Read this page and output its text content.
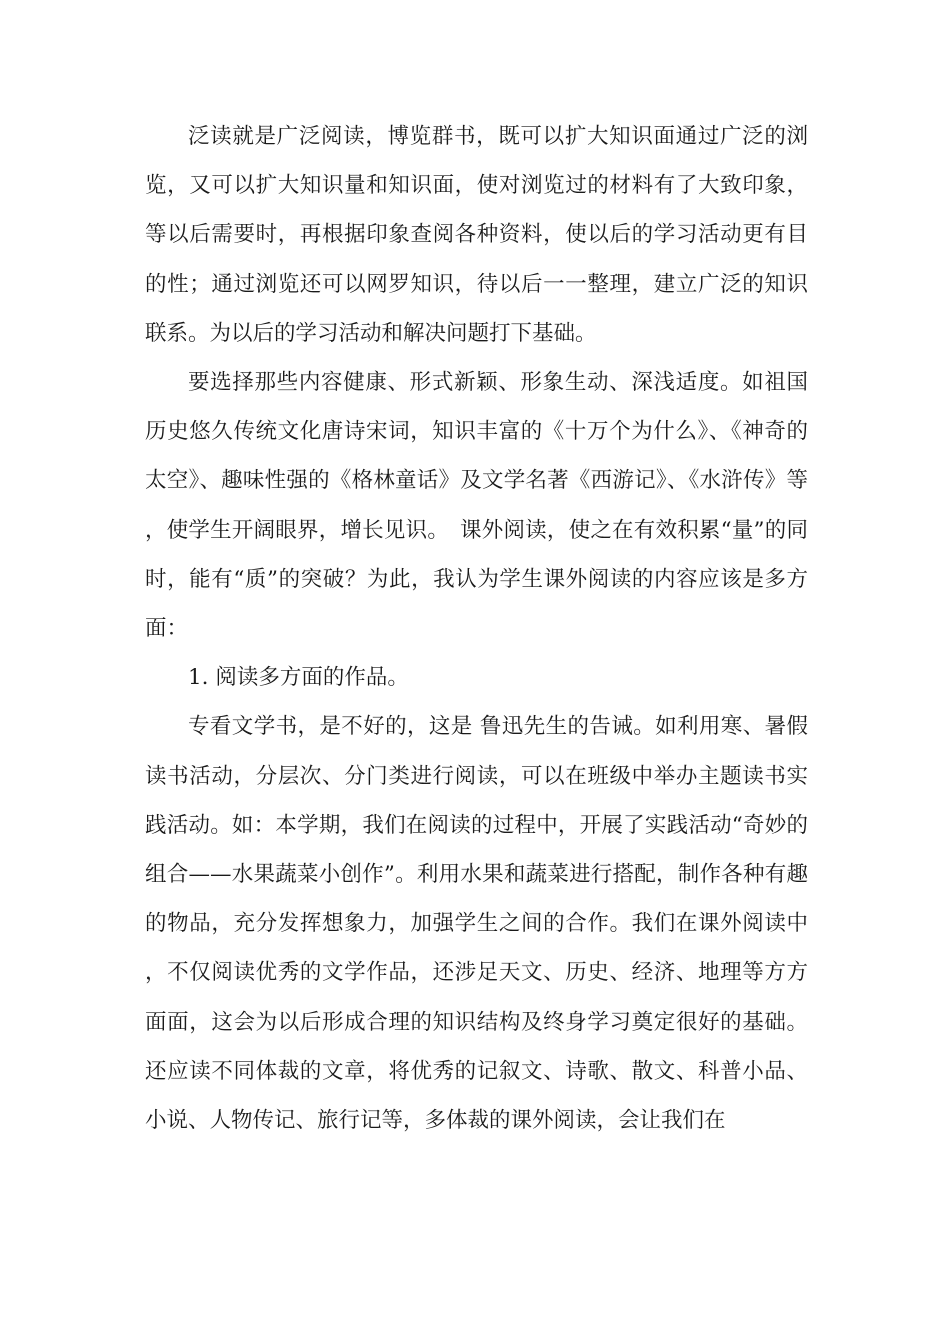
泛读就是广泛阅读，博览群书，既可以扩大知识面通过广泛的浏览，又可以扩大知识量和知识面，使对浏览过的材料有了大致印象，等以后需要时，再根据印象查阅各种资料，使以后的学习活动更有目的性；通过浏览还可以网罗知识，待以后一一整理，建立广泛的知识联系。为以后的学习活动和解决问题打下基础。

要选择那些内容健康、形式新颖、形象生动、深浅适度。如祖国历史悠久传统文化唐诗宋词，知识丰富的《十万个为什么》、《神奇的太空》、趣味性强的《格林童话》及文学名著《西游记》、《水浒传》等，使学生开阔眼界，增长见识。　课外阅读，使之在有效积累“量”的同时，能有“质”的突破？为此，我认为学生课外阅读的内容应该是多方面：

1. 阅读多方面的作品。

专看文学书，是不好的，这是 鲁迅先生的告诫。如利用寒、暑假读书活动，分层次、分门类进行阅读，可以在班级中举办主题读书实践活动。如：本学期，我们在阅读的过程中，开展了实践活动“奇妙的组合——水果蔬菜小创作”。利用水果和蔬菜进行搭配，制作各种有趣的物品，充分发挥想象力，加强学生之间的合作。我们在课外阅读中，不仅阅读优秀的文学作品，还涉足天文、历史、经济、地理等方方面面，这会为以后形成合理的知识结构及终身学习奠定很好的基础。还应读不同体裁的文章，将优秀的记叙文、诗歌、散文、科普小品、小说、人物传记、旅行记等，多体裁的课外阅读，会让我们在
